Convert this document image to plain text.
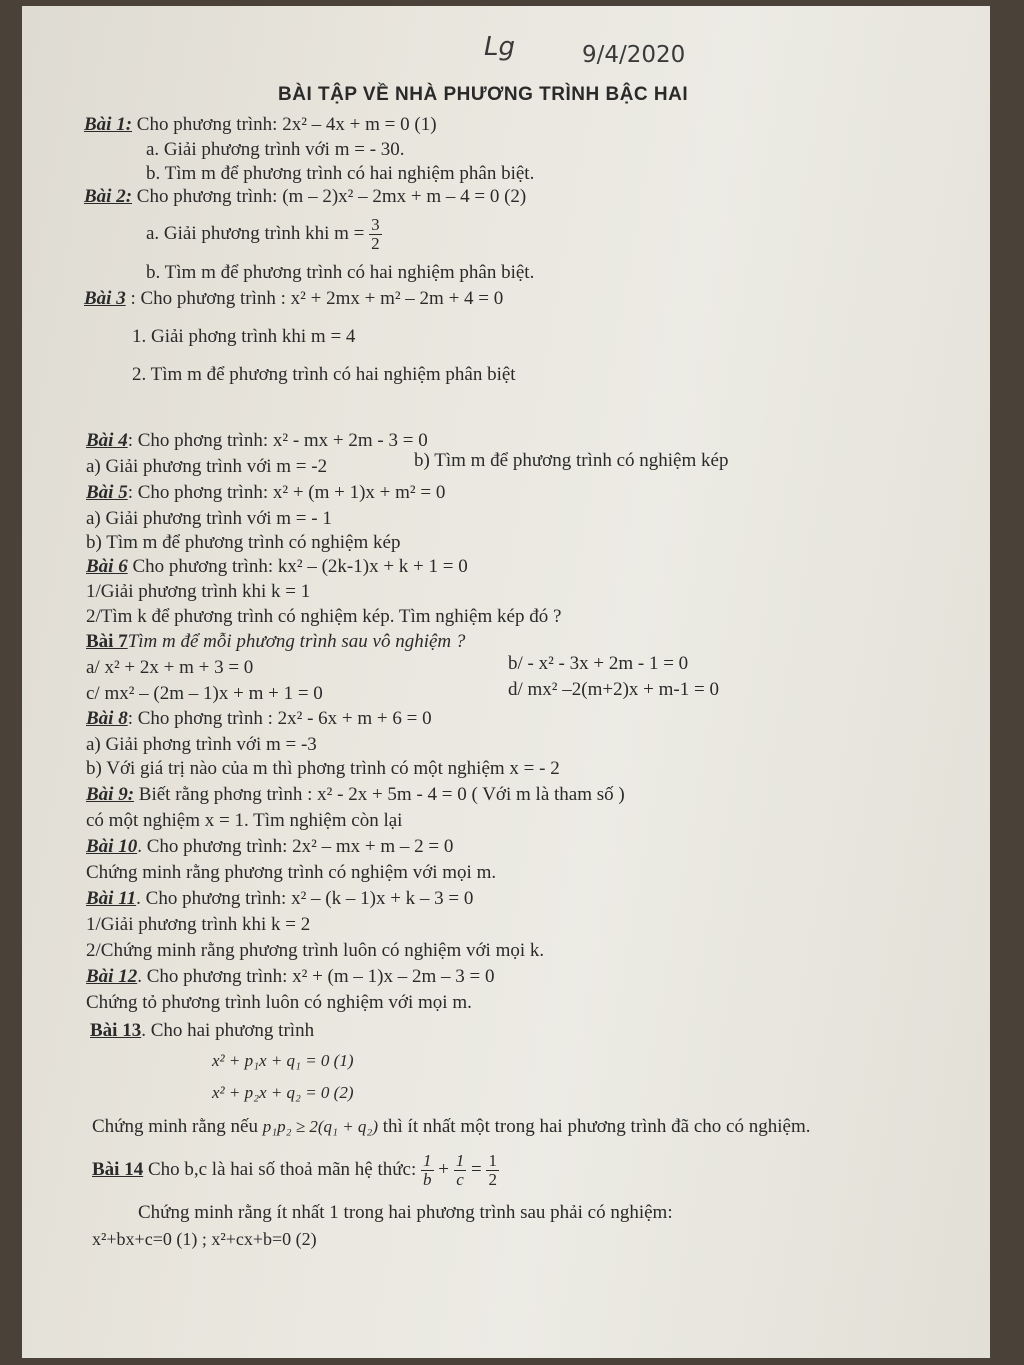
Lg	9/4/2020
BÀI TẬP VỀ NHÀ PHƯƠNG TRÌNH BẬC HAI
Bài 1: Cho phương trình: 2x² – 4x + m = 0 (1)
a. Giải phương trình với m = - 30.
b. Tìm m để phương trình có hai nghiệm phân biệt.
Bài 2: Cho phương trình: (m – 2)x² – 2mx + m – 4 = 0 (2)
a. Giải phương trình khi $m = \frac{3}{2}$
b. Tìm m để phương trình có hai nghiệm phân biệt.
Bài 3 : Cho phương trình : x² + 2mx + m² – 2m + 4 = 0
1. Giải phơng trình khi m = 4
2. Tìm m để phương trình có hai nghiệm phân biệt
Bài 4: Cho phơng trình: x² - mx + 2m - 3 = 0
a) Giải phương trình với m = -2	b) Tìm m để phương trình có nghiệm kép
Bài 5: Cho phơng trình: x² + (m + 1)x + m² = 0
a) Giải phương trình với m = - 1
b) Tìm m để phương trình có nghiệm kép
Bài 6 Cho phương trình: kx² – (2k-1)x + k + 1 = 0
1/Giải phương trình khi k = 1
2/Tìm k để phương trình có nghiệm kép. Tìm nghiệm kép đó ?
Bài 7Tìm m để mỗi phương trình sau vô nghiệm ?
a/ x² + 2x + m + 3 = 0	b/ - x² - 3x + 2m - 1 = 0
c/ mx² – (2m – 1)x + m + 1 = 0	d/ mx² –2(m+2)x + m-1 = 0
Bài 8: Cho phơng trình : 2x² - 6x + m + 6 = 0
a) Giải phơng trình với m = -3
b) Với giá trị nào của m thì phơng trình có một nghiệm x = - 2
Bài 9: Biết rằng phơng trình : x² - 2x + 5m - 4 = 0 ( Với m là tham số )
có một nghiệm x = 1. Tìm nghiệm còn lại
Bài 10. Cho phương trình: 2x² – mx + m – 2 = 0
Chứng minh rằng phương trình có nghiệm với mọi m.
Bài 11. Cho phương trình: x² – (k – 1)x + k – 3 = 0
1/Giải phương trình khi k = 2
2/Chứng minh rằng phương trình luôn có nghiệm với mọi k.
Bài 12. Cho phương trình: x² + (m – 1)x – 2m – 3 = 0
Chứng tỏ phương trình luôn có nghiệm với mọi m.
Bài 13. Cho hai phương trình
x² + p₁x + q₁ = 0 (1)
x² + p₂x + q₂ = 0 (2)
Chứng minh rằng nếu p₁p₂ ≥ 2(q₁ + q₂) thì ít nhất một trong hai phương trình đã cho có nghiệm.
Bài 14 Cho b,c là hai số thoả mãn hệ thức: $\frac{1}{b} + \frac{1}{c} = \frac{1}{2}$
Chứng minh rằng ít nhất 1 trong hai phương trình sau phải có nghiệm:
x²+bx+c=0 (1) ; x²+cx+b=0 (2)
